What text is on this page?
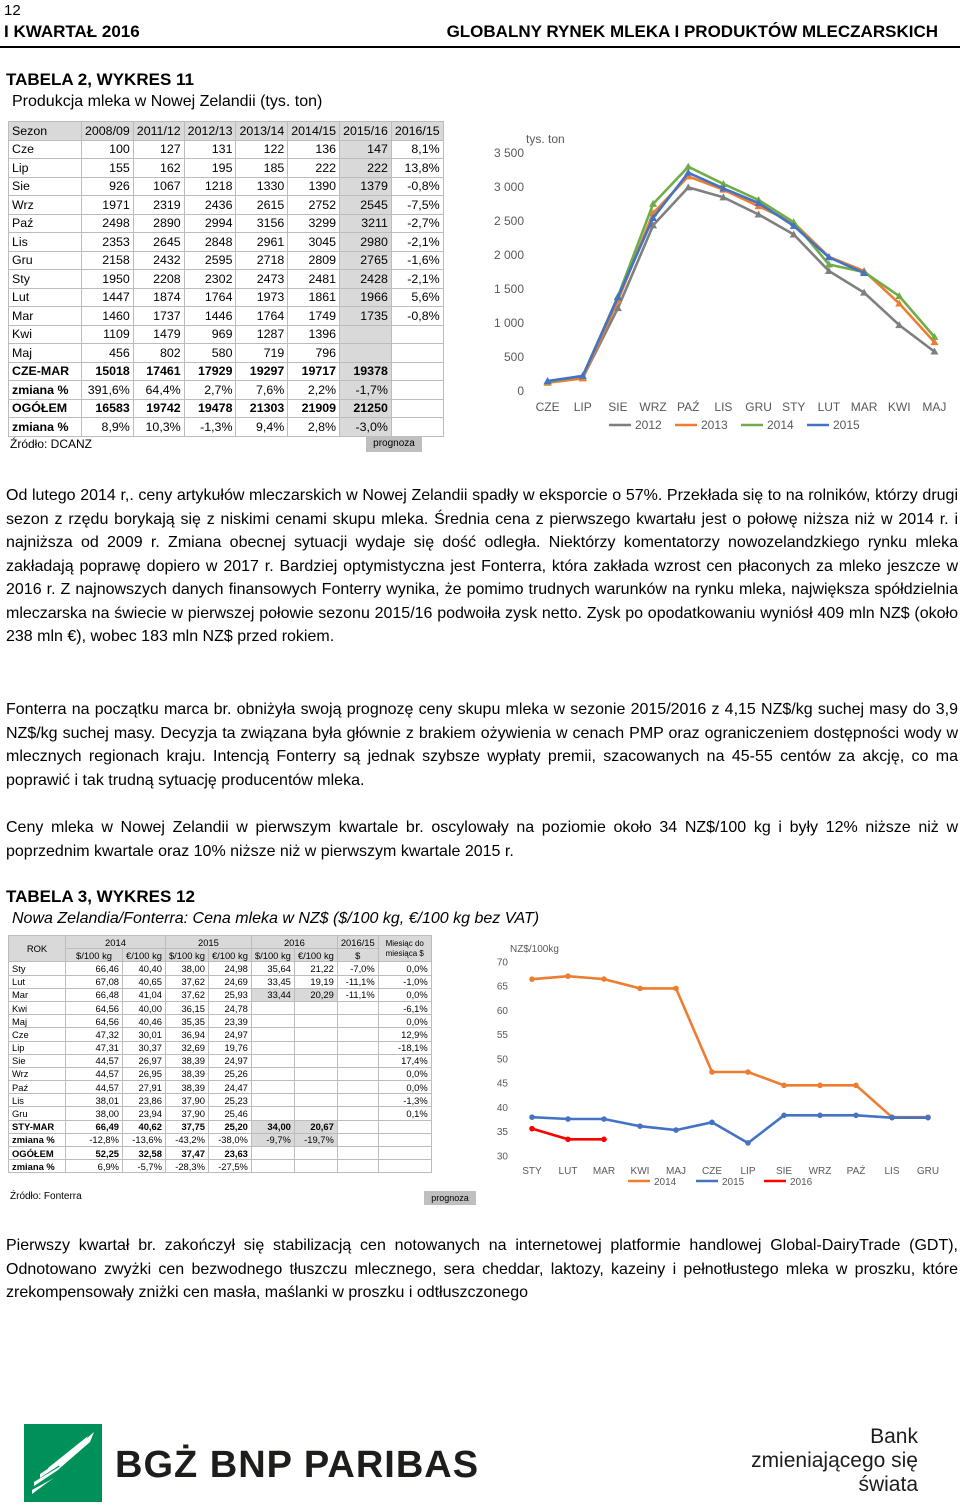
12
I KWARTAŁ 2016	GLOBALNY RYNEK MLEKA I PRODUKTÓW MLECZARSKICH
TABELA 2, WYKRES 11
Produkcja mleka w Nowej Zelandii (tys. ton)
Sezon	2008/09	2011/12	2012/13	2013/14	2014/15	2015/16	2016/15
Cze	100	127	131	122	136	147	8,1%
Lip	155	162	195	185	222	222	13,8%
Sie	926	1067	1218	1330	1390	1379	-0,8%
Wrz	1971	2319	2436	2615	2752	2545	-7,5%
Paź	2498	2890	2994	3156	3299	3211	-2,7%
Lis	2353	2645	2848	2961	3045	2980	-2,1%
Gru	2158	2432	2595	2718	2809	2765	-1,6%
Sty	1950	2208	2302	2473	2481	2428	-2,1%
Lut	1447	1874	1764	1973	1861	1966	5,6%
Mar	1460	1737	1446	1764	1749	1735	-0,8%
Kwi	1109	1479	969	1287	1396		
Maj	456	802	580	719	796		
CZE-MAR	15018	17461	17929	19297	19717	19378	
zmiana %	391,6%	64,4%	2,7%	7,6%	2,2%	-1,7%	
OGÓŁEM	16583	19742	19478	21303	21909	21250	
zmiana %	8,9%	10,3%	-1,3%	9,4%	2,8%	-3,0%	
Źródło: DCANZ	prognoza
tys. ton
0
500
1 000
1 500
2 000
2 500
3 000
3 500
CZE LIP SIE WRZ PAŹ LIS GRU STY LUT MAR KWI MAJ
2012	2013	2014	2015
Od lutego 2014 r,. ceny artykułów mleczarskich w Nowej Zelandii spadły w eksporcie o 57%. Przekłada się to na rolników, którzy drugi sezon z rzędu borykają się z niskimi cenami skupu mleka. Średnia cena z pierwszego kwartału jest o połowę niższa niż w 2014 r. i najniższa od 2009 r. Zmiana obecnej sytuacji wydaje się dość odległa. Niektórzy komentatorzy nowozelandzkiego rynku mleka zakładają poprawę dopiero w 2017 r. Bardziej optymistyczna jest Fonterra, która zakłada wzrost cen płaconych za mleko jeszcze w 2016 r. Z najnowszych danych finansowych Fonterry wynika, że pomimo trudnych warunków na rynku mleka, największa spółdzielnia mleczarska na świecie w pierwszej połowie sezonu 2015/16 podwoiła zysk netto. Zysk po opodatkowaniu wyniósł 409 mln NZ$ (około 238 mln €), wobec 183 mln NZ$ przed rokiem.
Fonterra na początku marca br. obniżyła swoją prognozę ceny skupu mleka w sezonie 2015/2016 z 4,15 NZ$/kg suchej masy do 3,9 NZ$/kg suchej masy. Decyzja ta związana była głównie z brakiem ożywienia w cenach PMP oraz ograniczeniem dostępności wody w mlecznych regionach kraju. Intencją Fonterry są jednak szybsze wypłaty premii, szacowanych na 45-55 centów za akcję, co ma poprawić i tak trudną sytuację producentów mleka.
Ceny mleka w Nowej Zelandii w pierwszym kwartale br. oscylowały na poziomie około 34 NZ$/100 kg i były 12% niższe niż w poprzednim kwartale oraz 10% niższe niż w pierwszym kwartale 2015 r.
TABELA 3, WYKRES 12
Nowa Zelandia/Fonterra: Cena mleka w NZ$ ($/100 kg, €/100 kg bez VAT)
ROK	2014		2015		2016		2016/15	Miesiąc do miesiąca $
	$/100 kg	€/100 kg	$/100 kg	€/100 kg	$/100 kg	€/100 kg	$	
Sty	66,46	40,40	38,00	24,98	35,64	21,22	-7,0%	0,0%
Lut	67,08	40,65	37,62	24,69	33,45	19,19	-11,1%	-1,0%
Mar	66,48	41,04	37,62	25,93	33,44	20,29	-11,1%	0,0%
Kwi	64,56	40,00	36,15	24,78				-6,1%
Maj	64,56	40,46	35,35	23,39				0,0%
Cze	47,32	30,01	36,94	24,97				12,9%
Lip	47,31	30,37	32,69	19,76				-18,1%
Sie	44,57	26,97	38,39	24,97				17,4%
Wrz	44,57	26,95	38,39	25,26				0,0%
Paź	44,57	27,91	38,39	24,47				0,0%
Lis	38,01	23,86	37,90	25,23				-1,3%
Gru	38,00	23,94	37,90	25,46				0,1%
STY-MAR	66,49	40,62	37,75	25,20	34,00	20,67		
zmiana %	-12,8%	-13,6%	-43,2%	-38,0%	-9,7%	-19,7%		
OGÓŁEM	52,25	32,58	37,47	23,63				
zmiana %	6,9%	-5,7%	-28,3%	-27,5%				
Źródło: Fonterra	prognoza
NZ$/100kg
30
35
40
45
50
55
60
65
70
STY LUT MAR KWI MAJ CZE LIP SIE WRZ PAŹ LIS GRU
2014	2015	2016
Pierwszy kwartał br. zakończył się stabilizacją cen notowanych na internetowej platformie handlowej Global-DairyTrade (GDT), Odnotowano zwyżki cen bezwodnego tłuszczu mlecznego, sera cheddar, laktozy, kazeiny i pełnotłustego mleka w proszku, które zrekompensowały zniżki cen masła, maślanki w proszku i odtłuszczonego
BGŻ BNP PARIBAS
Bank
zmieniającego się
świata
